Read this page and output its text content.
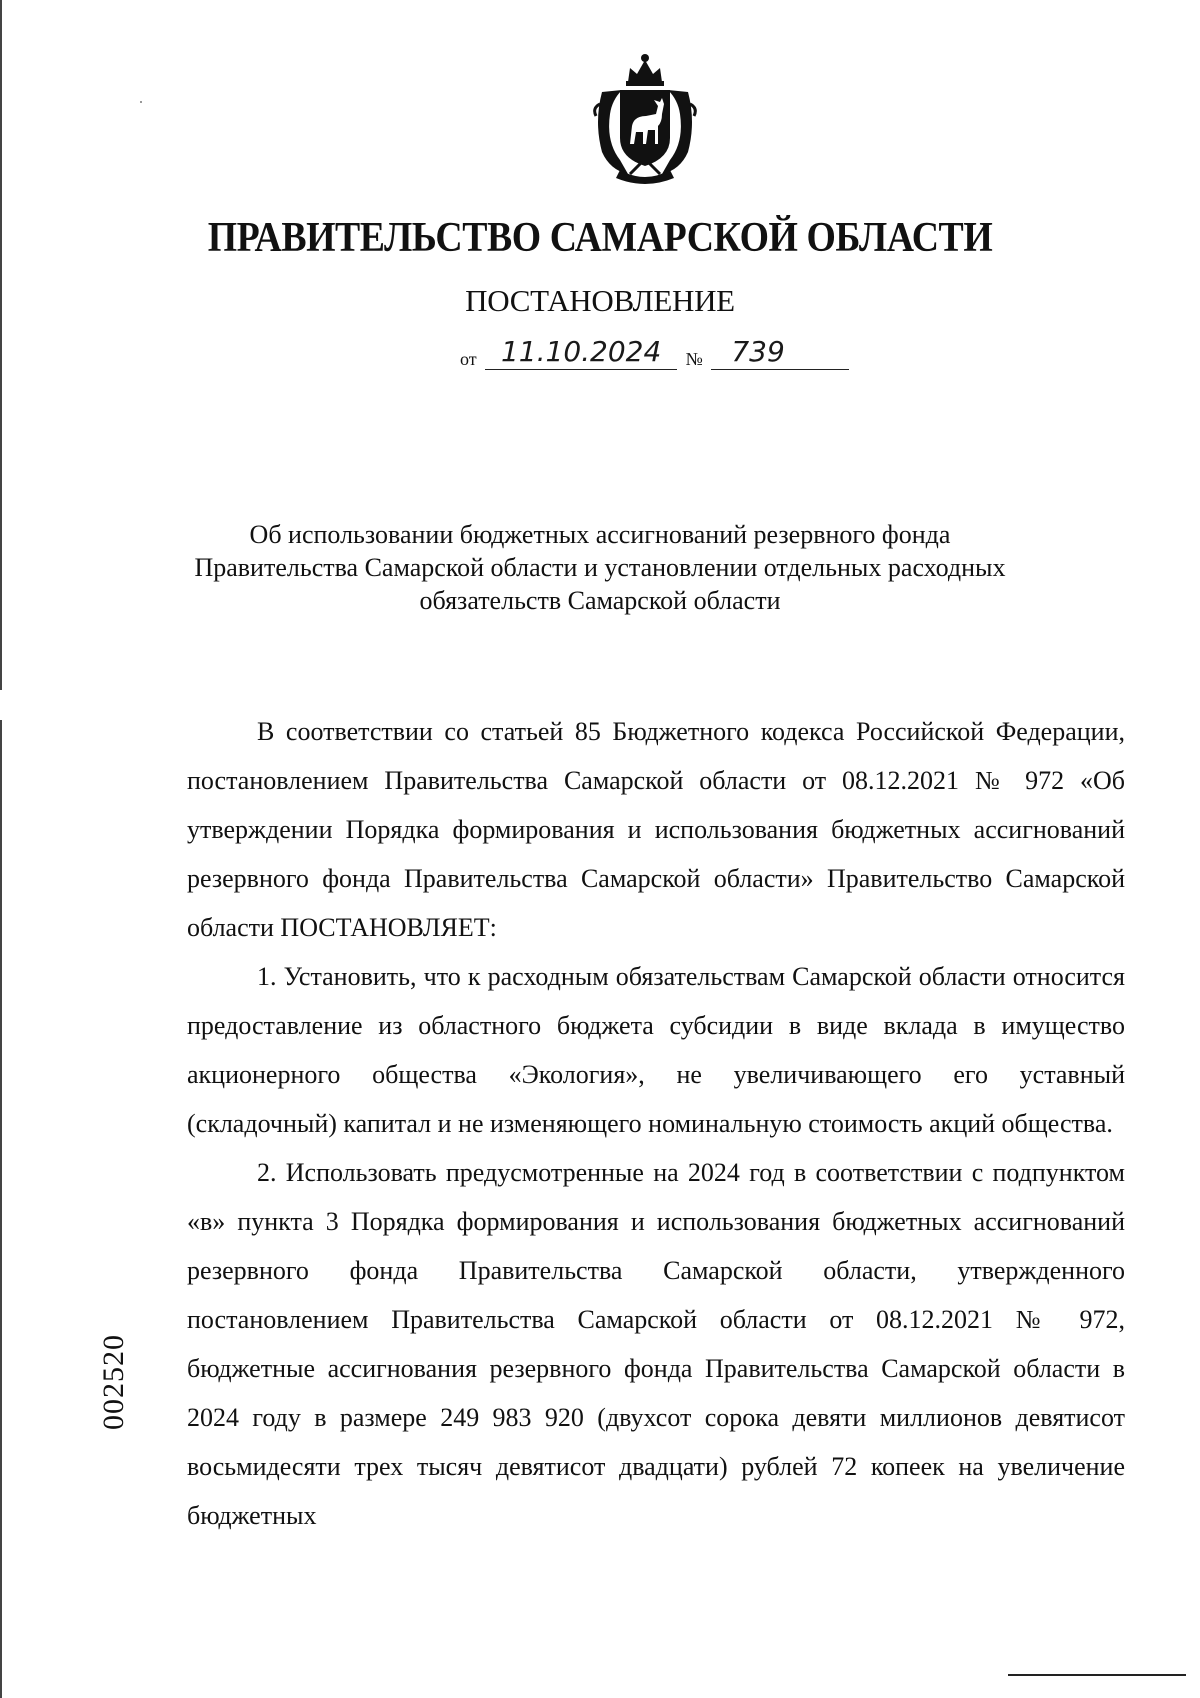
ПРАВИТЕЛЬСТВО САМАРСКОЙ ОБЛАСТИ
ПОСТАНОВЛЕНИЕ
от 11.10.2024 № 739
Об использовании бюджетных ассигнований резервного фонда
Правительства Самарской области и установлении отдельных расходных
обязательств Самарской области

В соответствии со статьей 85 Бюджетного кодекса Российской Федерации, постановлением Правительства Самарской области от 08.12.2021 № 972 «Об утверждении Порядка формирования и использования бюджетных ассигнований резервного фонда Правительства Самарской области» Правительство Самарской области ПОСТАНОВЛЯЕТ:

1. Установить, что к расходным обязательствам Самарской области относится предоставление из областного бюджета субсидии в виде вклада в имущество акционерного общества «Экология», не увеличивающего его уставный (складочный) капитал и не изменяющего номинальную стоимость акций общества.

2. Использовать предусмотренные на 2024 год в соответствии с подпунктом «в» пункта 3 Порядка формирования и использования бюджетных ассигнований резервного фонда Правительства Самарской области, утвержденного постановлением Правительства Самарской области от 08.12.2021 № 972, бюджетные ассигнования резервного фонда Правительства Самарской области в 2024 году в размере 249 983 920 (двухсот сорока девяти миллионов девятисот восьмидесяти трех тысяч девятисот двадцати) рублей 72 копеек на увеличение бюджетных

002520
